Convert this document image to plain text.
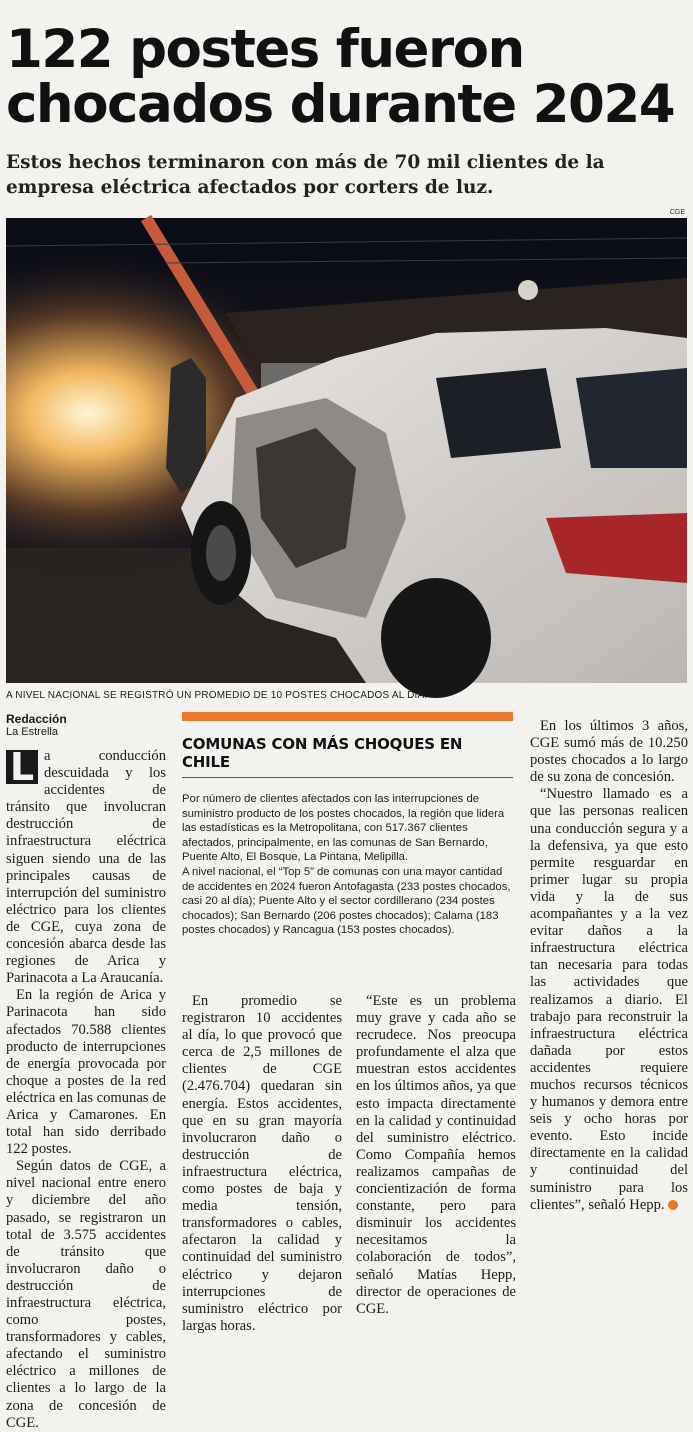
122 postes fueron chocados durante 2024

Estos hechos terminaron con más de 70 mil clientes de la empresa eléctrica afectados por corters de luz.

CGE

A NIVEL NACIONAL SE REGISTRÓ UN PROMEDIO DE 10 POSTES CHOCADOS AL DÍA.

Redacción
La Estrella

L a conducción descuidada y los accidentes de tránsito que involucran destrucción de infraestructura eléctrica siguen siendo una de las principales causas de interrupción del suministro eléctrico para los clientes de CGE, cuya zona de concesión abarca desde las regiones de Arica y Parinacota a La Araucanía.

En la región de Arica y Parinacota han sido afectados 70.588 clientes producto de interrupciones de energía provocada por choque a postes de la red eléctrica en las comunas de Arica y Camarones. En total han sido derribado 122 postes.

Según datos de CGE, a nivel nacional entre enero y diciembre del año pasado, se registraron un total de 3.575 accidentes de tránsito que involucraron daño o destrucción de infraestructura eléctrica, como postes, transformadores y cables, afectando el suministro eléctrico a millones de clientes a lo largo de la zona de concesión de CGE.

COMUNAS CON MÁS CHOQUES EN CHILE

Por número de clientes afectados con las interrupciones de suministro producto de los postes chocados, la región que lidera las estadísticas es la Metropolitana, con 517.367 clientes afectados, principalmente, en las comunas de San Bernardo, Puente Alto, El Bosque, La Pintana, Melipilla.

A nivel nacional, el “Top 5” de comunas con una mayor cantidad de accidentes en 2024 fueron Antofagasta (233 postes chocados, casi 20 al día); Puente Alto y el sector cordillerano (234 postes chocados); San Bernardo (206 postes chocados); Calama (183 postes chocados) y Rancagua (153 postes chocados).

En promedio se registraron 10 accidentes al día, lo que provocó que cerca de 2,5 millones de clientes de CGE (2.476.704) quedaran sin energía. Estos accidentes, que en su gran mayoría involucraron daño o destrucción de infraestructura eléctrica, como postes de baja y media tensión, transformadores o cables, afectaron la calidad y continuidad del suministro eléctrico y dejaron interrupciones de suministro eléctrico por largas horas.

“Este es un problema muy grave y cada año se recrudece. Nos preocupa profundamente el alza que muestran estos accidentes en los últimos años, ya que esto impacta directamente en la calidad y continuidad del suministro eléctrico. Como Compañía hemos realizamos campañas de concientización de forma constante, pero para disminuir los accidentes necesitamos la colaboración de todos”, señaló Matías Hepp, director de operaciones de CGE.

En los últimos 3 años, CGE sumó más de 10.250 postes chocados a lo largo de su zona de concesión.

“Nuestro llamado es a que las personas realicen una conducción segura y a la defensiva, ya que esto permite resguardar en primer lugar su propia vida y la de sus acompañantes y a la vez evitar daños a la infraestructura eléctrica tan necesaria para todas las actividades que realizamos a diario. El trabajo para reconstruir la infraestructura eléctrica dañada por estos accidentes requiere muchos recursos técnicos y humanos y demora entre seis y ocho horas por evento. Esto incide directamente en la calidad y continuidad del suministro para los clientes”, señaló Hepp.
